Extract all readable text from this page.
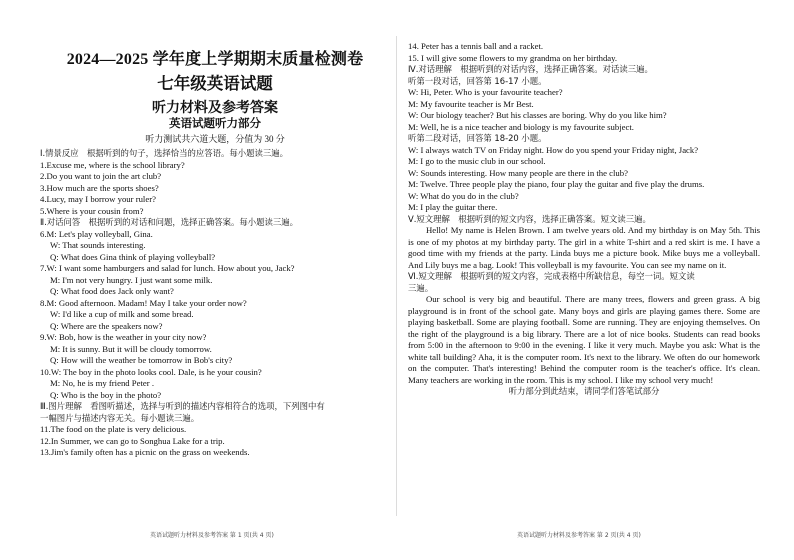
2024—2025 学年度上学期期末质量检测卷
七年级英语试题
听力材料及参考答案
英语试题听力部分
听力测试共六道大题，分值为 30 分
Ⅰ.情景反应　根据听到的句子，选择恰当的应答语。每小题读三遍。
1.Excuse me, where is the school library?
2.Do you want to join the art club?
3.How much are the sports shoes?
4.Lucy, may I borrow your ruler?
5.Where is your cousin from?
Ⅱ.对话问答　根据听到的对话和问题，选择正确答案。每小题读三遍。
6.M: Let's play volleyball, Gina.
W: That sounds interesting.
Q: What does Gina think of playing volleyball?
7.W: I want some hamburgers and salad for lunch. How about you, Jack?
M: I'm not very hungry. I just want some milk.
Q: What food does Jack only want?
8.M: Good afternoon. Madam! May I take your order now?
W: I'd like a cup of milk and some bread.
Q: Where are the speakers now?
9.W: Bob, how is the weather in your city now?
M: It is sunny. But it will be cloudy tomorrow.
Q: How will the weather be tomorrow in Bob's city?
10.W: The boy in the photo looks cool. Dale, is he your cousin?
M: No, he is my friend Peter .
Q: Who is the boy in the photo?
Ⅲ.图片理解　看图听描述，选择与听到的描述内容相符合的选项，下列图中有
一幅图片与描述内容无关。每小题读三遍。
11.The food on the plate is very delicious.
12.In Summer, we can go to Songhua Lake for a trip.
13.Jim's family often has a picnic on the grass on weekends.
14. Peter has a tennis ball and a racket.
15. I will give some flowers to my grandma on her birthday.
Ⅳ.对话理解　根据听到的对话内容，选择正确答案。对话读三遍。
听第一段对话，回答第 16-17 小题。
W: Hi, Peter. Who is your favourite teacher?
M: My favourite teacher is Mr Best.
W: Our biology teacher? But his classes are boring. Why do you like him?
M: Well, he is a nice teacher and biology is my favourite subject.
听第二段对话，回答第 18-20 小题。
W: I always watch TV on Friday night. How do you spend your Friday night, Jack?
M: I go to the music club in our school.
W: Sounds interesting. How many people are there in the club?
M: Twelve. Three people play the piano, four play the guitar and five play the drums.
W: What do you do in the club?
M: I play the guitar there.
Ⅴ.短文理解　根据听到的短文内容，选择正确答案。短文读三遍。
Hello! My name is Helen Brown. I am twelve years old. And my birthday is on May 5th. This is one of my photos at my birthday party. The girl in a white T-shirt and a red skirt is me. I have a good time with my friends at the party. Linda buys me a picture book. Mike buys me a volleyball. And Lily buys me a bag. Look! This volleyball is my favourite. You can see my name on it.
Ⅵ.短文理解　根据听到的短文内容，完成表格中所缺信息，每空一词。短文读
三遍。
Our school is very big and beautiful. There are many trees, flowers and green grass. A big playground is in front of the school gate. Many boys and girls are playing games there. Some are playing basketball. Some are playing football. Some are running. They are enjoying themselves. On the right of the playground is a big library. There are a lot of nice books. Students can read books from 5:00 in the afternoon to 9:00 in the evening. I like it very much. Maybe you ask: What is the white tall building? Aha, it is the computer room. It's next to the library. We often do our homework on the computer. That's interesting! Behind the computer room is the teacher's office. It's clean. Many teachers are working in the room. This is my school. I like my school very much!
听力部分到此结束，请同学们答笔试部分
英语试题听力材料及参考答案 第 1 页(共 4 页)	英语试题听力材料及参考答案 第 2 页(共 4 页)
